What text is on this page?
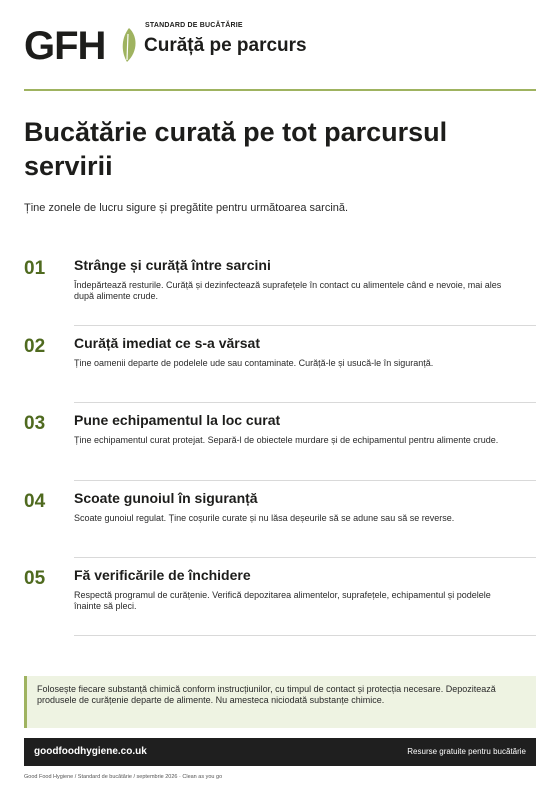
GFH	STANDARD DE BUCĂTĂRIE
Curăță pe parcurs
Bucătărie curată pe tot parcursul servirii

Ține zonele de lucru sigure și pregătite pentru următoarea sarcină.

01 Strânge și curăță între sarcini
Îndepărtează resturile. Curăță și dezinfectează suprafețele în contact cu alimentele când e nevoie, mai ales după alimente crude.
02 Curăță imediat ce s-a vărsat
Ține oamenii departe de podelele ude sau contaminate. Curăță-le și usucă-le în siguranță.
03 Pune echipamentul la loc curat
Ține echipamentul curat protejat. Separă-l de obiectele murdare și de echipamentul pentru alimente crude.
04 Scoate gunoiul în siguranță
Scoate gunoiul regulat. Ține coșurile curate și nu lăsa deșeurile să se adune sau să se reverse.
05 Fă verificările de închidere
Respectă programul de curățenie. Verifică depozitarea alimentelor, suprafețele, echipamentul și podelele înainte să pleci.
Folosește fiecare substanță chimică conform instrucțiunilor, cu timpul de contact și protecția necesare. Depozitează produsele de curățenie departe de alimente. Nu amesteca niciodată substanțe chimice.
goodfoodhygiene.co.uk	Resurse gratuite pentru bucătărie
Good Food Hygiene / Standard de bucătărie / septembrie 2026 · Clean as you go
